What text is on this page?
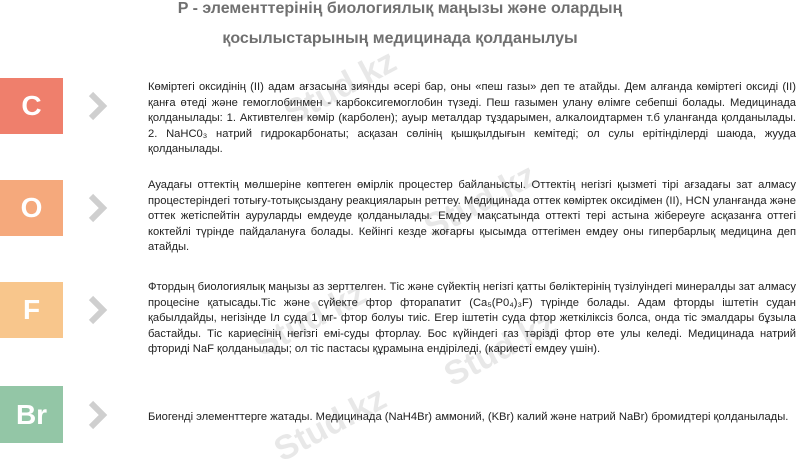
P - элементтерінің биологиялық маңызы және олардың
қосылыстарының медицинада қолданылуы
Stud.kz
Stud.kz
Stud.kz Stud.kz
Stud.kz
C

Көміртегі оксидінің (II) адам ағзасына зиянды әсері бар, оны «пеш газы» деп те атайды. Дем алғанда көміртегі оксиді (ІІ) қанға өтеді және гемоглобинмен - карбоксигемоглобин түзеді. Пеш газымен улану өлімге себепші болады. Медицинада қолданылады: 1. Активтелген көмір (карболен); ауыр металдар тұздарымен, алкалоидтармен т.б уланғанда қолданылады. 2. NaHC0₃ натрий гидрокарбонаты; асқазан сөлінің қышқылдығын кемітеді; ол сулы ерітінділерді шаюда, жууда қолданылады.

O

Ауадағы оттектің мөлшеріне көптеген өмірлік процестер байланысты. Оттектің негізгі қызметі тірі ағзадағы зат алмасу процестеріндегі тотығу-тотықсыздану реакцияларын реттеу. Медицинада оттек көміртек оксидімен (II), HCN уланғанда және оттек жетіспейтін ауруларды емдеуде қолданылады. Емдеу мақсатында оттекті тері астына жібереуге асқазанға оттегі коктейлі түрінде пайдалануға болады. Кейінгі кезде жоғарғы қысымда оттегімен емдеу оны гипербарлық медицина деп атайды.

F

Фтордың биологиялық маңызы аз зерттелген. Тіс және сүйектің негізгі қатты бөліктерінің түзілуіндегі минералды зат алмасу процесіне қатысады.Тіс және сүйекте фтор фторапатит (Ca₅(P0₄)₃F) түрінде болады. Адам фторды іштетін судан қабылдайды, негізінде Іл суда 1 мг- фтор болуы тиіс. Егер іштетін суда фтор жеткіліксіз болса, онда тіс эмалдары бұзыла бастайды. Тіс кариесінің негізгі емі-суды фторлау. Бос күйіндегі газ тәрізді фтор өте улы келеді. Медицинада натрий фториді NaF қолданылады; ол тіс пастасы құрамына ендіріледі, (кариесті емдеу үшін).

Br	Биогенді элементтерге жатады. Медицинада (NaH4Br) аммоний, (KBr) калий және натрий NaBr) бромидтері қолданылады.
